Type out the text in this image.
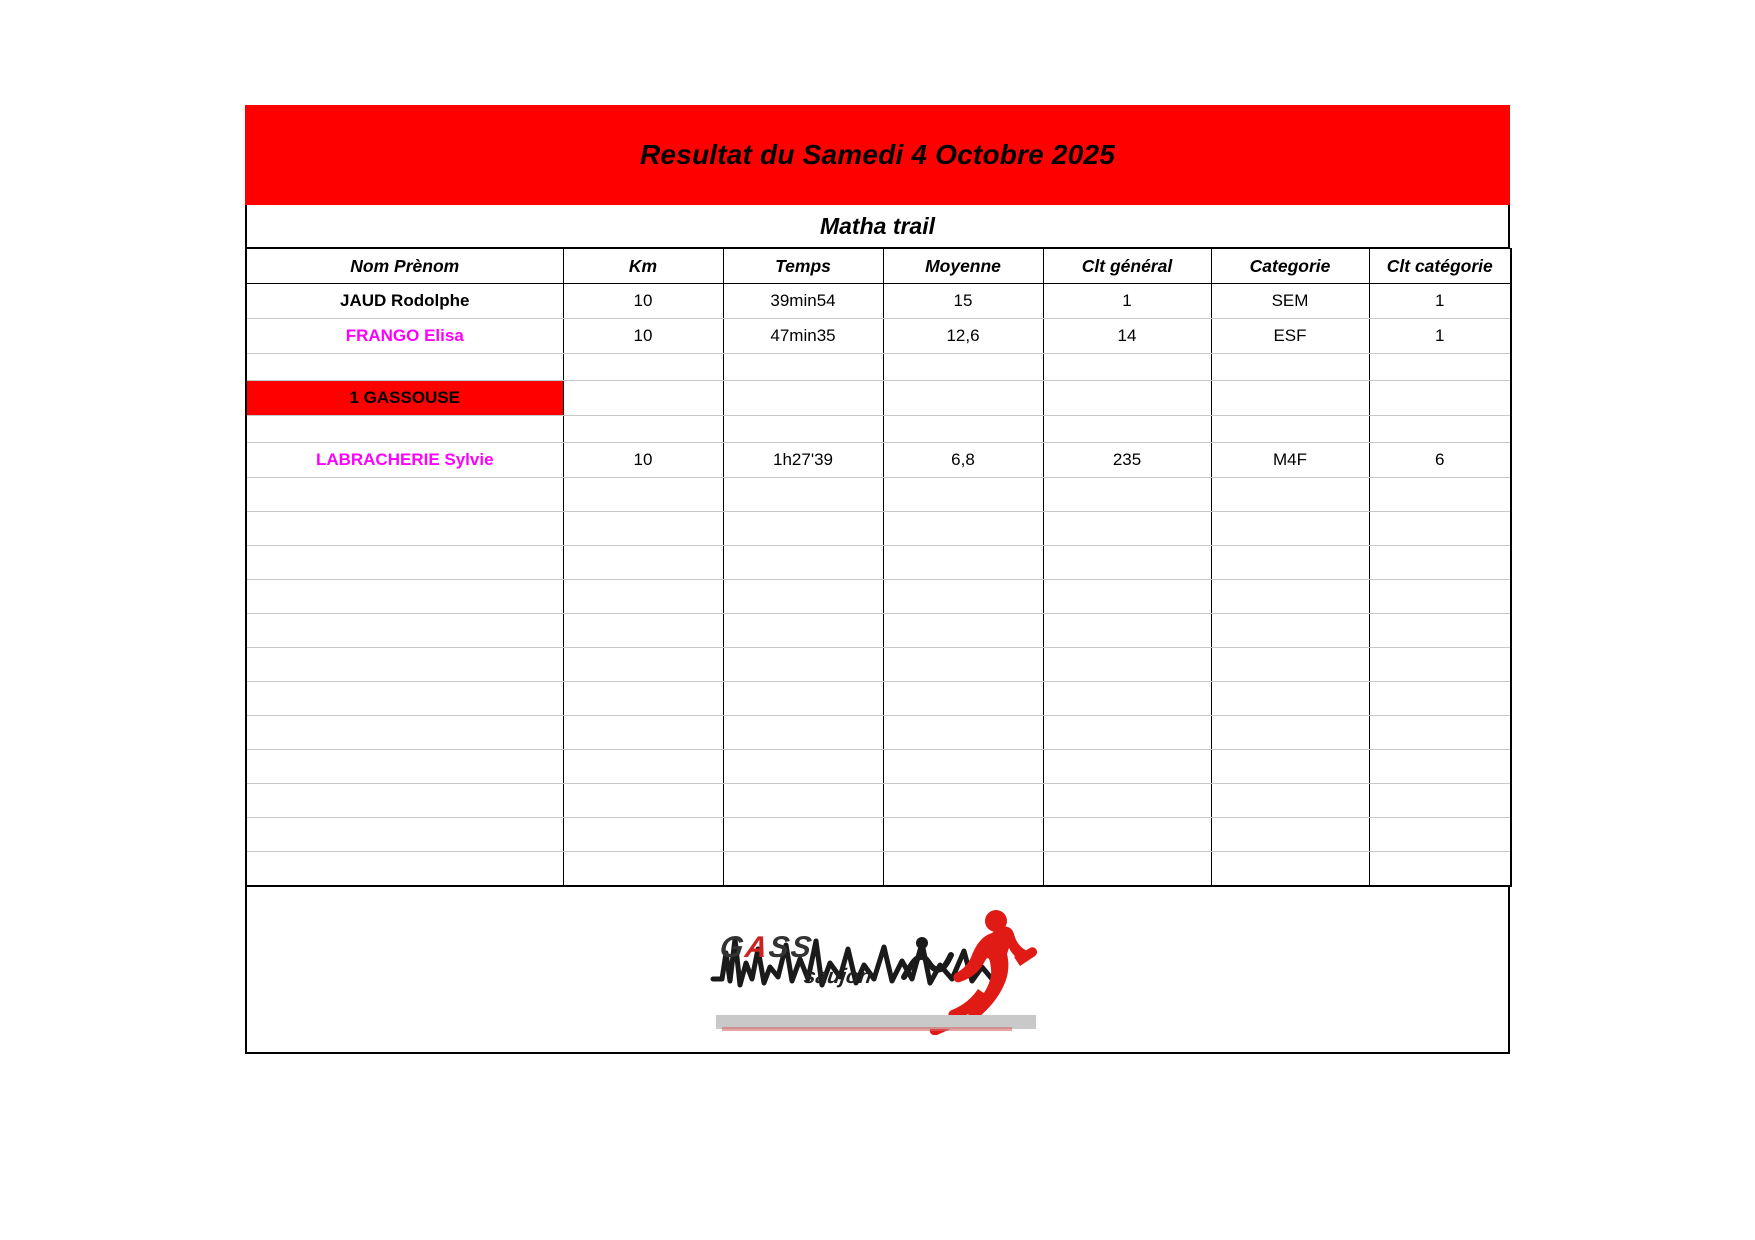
Resultat du Samedi 4 Octobre 2025
Matha trail
Nom Prènom	Km	Temps	Moyenne	Clt général	Categorie	Clt catégorie
JAUD Rodolphe	10	39min54	15	1	SEM	1
FRANGO Elisa	10	47min35	12,6	14	ESF	1

1 GASSOUSE						

LABRACHERIE Sylvie	10	1h27'39	6,8	235	M4F	6

GASS
saujon
